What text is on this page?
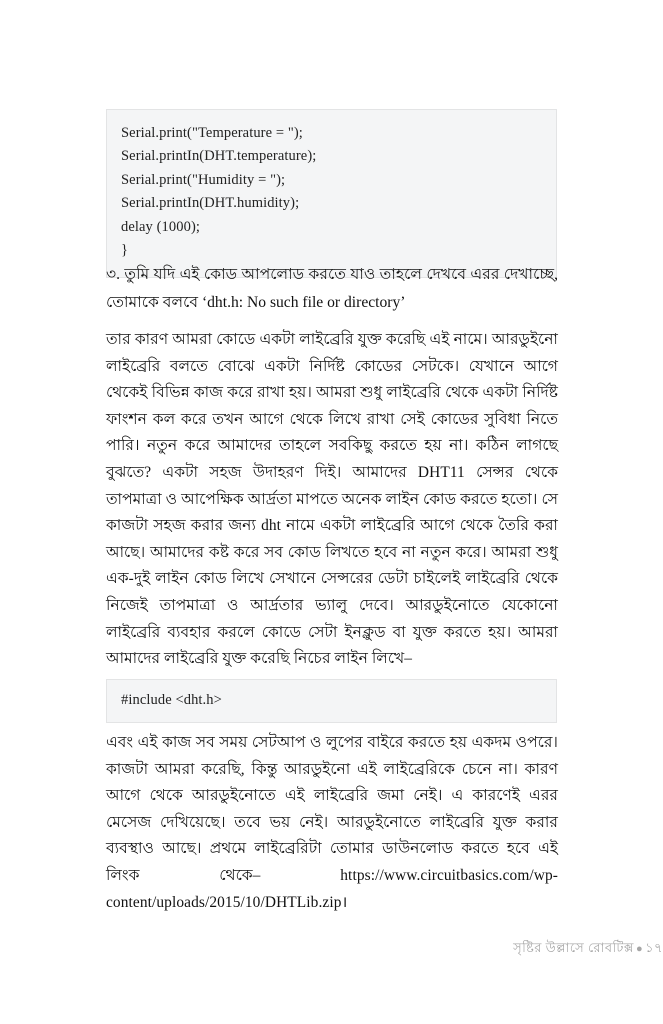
Serial.print("Temperature = ");
Serial.printIn(DHT.temperature);
Serial.print("Humidity = ");
Serial.printIn(DHT.humidity);
delay (1000);
}

৩. তুমি যদি এই কোড আপলোড করতে যাও তাহলে দেখবে এরর দেখাচ্ছে, তোমাকে বলবে ‘dht.h: No such file or directory’

তার কারণ আমরা কোডে একটা লাইব্রেরি যুক্ত করেছি এই নামে। আরডুইনো লাইব্রেরি বলতে বোঝে একটা নির্দিষ্ট কোডের সেটকে। যেখানে আগে থেকেই বিভিন্ন কাজ করে রাখা হয়। আমরা শুধু লাইব্রেরি থেকে একটা নির্দিষ্ট ফাংশন কল করে তখন আগে থেকে লিখে রাখা সেই কোডের সুবিধা নিতে পারি। নতুন করে আমাদের তাহলে সবকিছু করতে হয় না। কঠিন লাগছে বুঝতে? একটা সহজ উদাহরণ দিই। আমাদের DHT11 সেন্সর থেকে তাপমাত্রা ও আপেক্ষিক আর্দ্রতা মাপতে অনেক লাইন কোড করতে হতো। সে কাজটা সহজ করার জন্য dht নামে একটা লাইব্রেরি আগে থেকে তৈরি করা আছে। আমাদের কষ্ট করে সব কোড লিখতে হবে না নতুন করে। আমরা শুধু এক-দুই লাইন কোড লিখে সেখানে সেন্সরের ডেটা চাইলেই লাইব্রেরি থেকে নিজেই তাপমাত্রা ও আর্দ্রতার ভ্যালু দেবে। আরডুইনোতে যেকোনো লাইব্রেরি ব্যবহার করলে কোডে সেটা ইনক্লুড বা যুক্ত করতে হয়। আমরা আমাদের লাইব্রেরি যুক্ত করেছি নিচের লাইন লিখে–

#include <dht.h>

এবং এই কাজ সব সময় সেটআপ ও লুপের বাইরে করতে হয় একদম ওপরে। কাজটা আমরা করেছি, কিন্তু আরডুইনো এই লাইব্রেরিকে চেনে না। কারণ আগে থেকে আরডুইনোতে এই লাইব্রেরি জমা নেই। এ কারণেই এরর মেসেজ দেখিয়েছে। তবে ভয় নেই। আরডুইনোতে লাইব্রেরি যুক্ত করার ব্যবস্থাও আছে। প্রথমে লাইব্রেরিটা তোমার ডাউনলোড করতে হবে এই লিংক থেকে– https://www.circuitbasics.com/wp-content/uploads/2015/10/DHTLib.zip।

সৃষ্টির উল্লাসে রোবটিক্স ● ১৭
